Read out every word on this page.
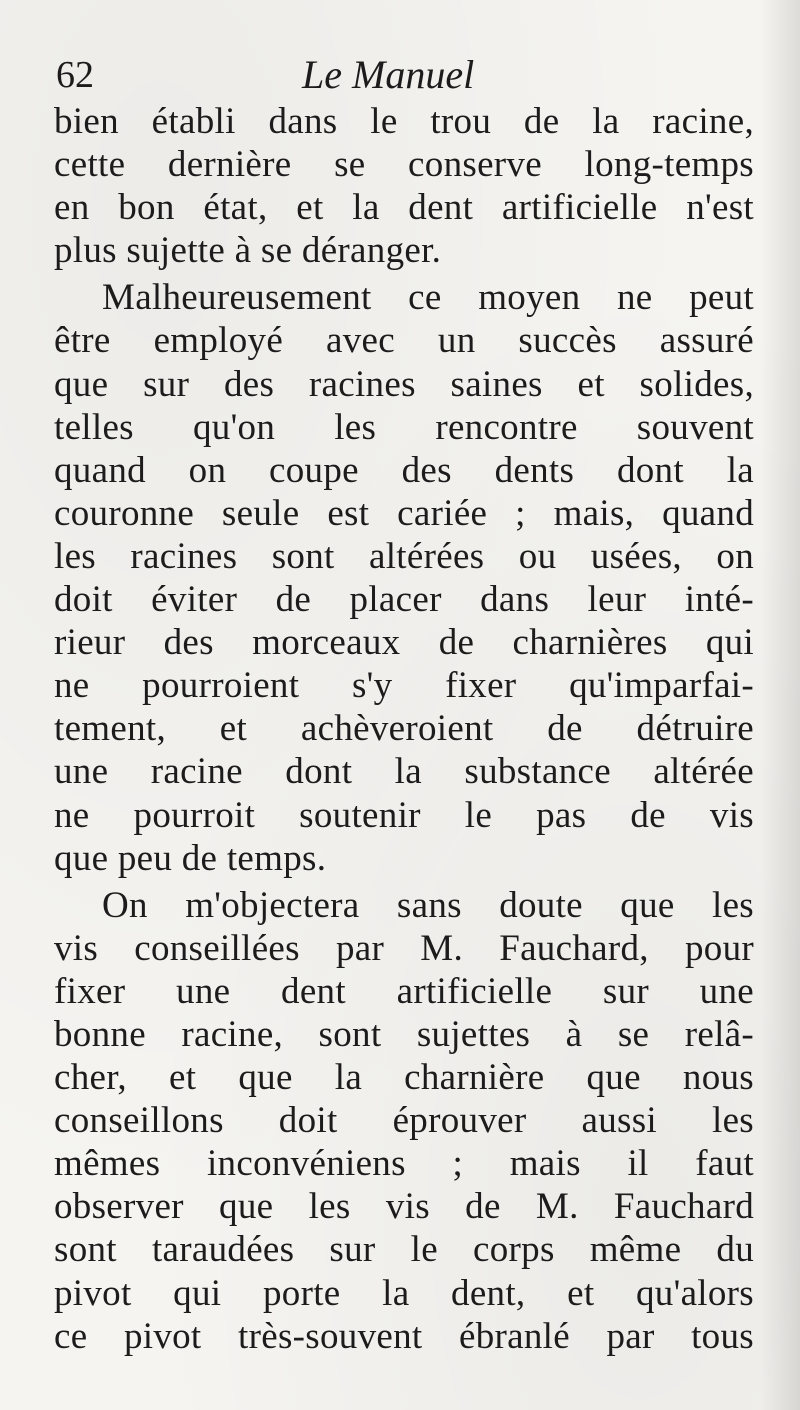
62	Le Manuel
bien établi dans le trou de la racine,
cette dernière se conserve long-temps
en bon état, et la dent artificielle n'est
plus sujette à se déranger.
Malheureusement ce moyen ne peut
être employé avec un succès assuré
que sur des racines saines et solides,
telles qu'on les rencontre souvent
quand on coupe des dents dont la
couronne seule est cariée ; mais, quand
les racines sont altérées ou usées, on
doit éviter de placer dans leur inté-
rieur des morceaux de charnières qui
ne pourroient s'y fixer qu'imparfai-
tement, et achèveroient de détruire
une racine dont la substance altérée
ne pourroit soutenir le pas de vis
que peu de temps.
On m'objectera sans doute que les
vis conseillées par M. Fauchard, pour
fixer une dent artificielle sur une
bonne racine, sont sujettes à se relâ-
cher, et que la charnière que nous
conseillons doit éprouver aussi les
mêmes inconvéniens ; mais il faut
observer que les vis de M. Fauchard
sont taraudées sur le corps même du
pivot qui porte la dent, et qu'alors
ce pivot très-souvent ébranlé par tous
